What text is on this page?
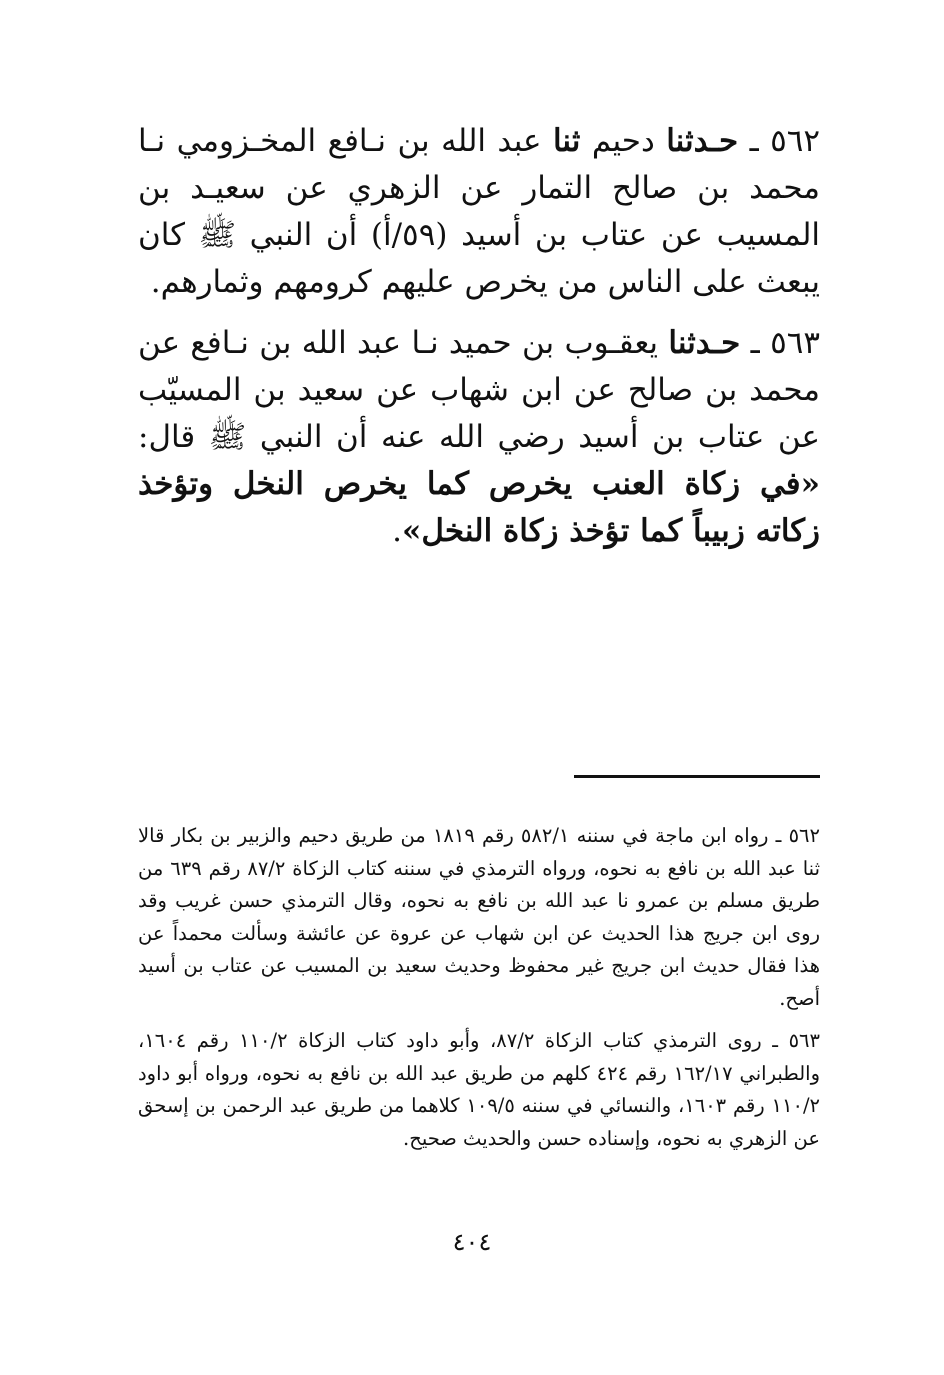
٥٦٢ ـ حـدثنا دحيم ثنا عبد الله بن نـافع المخـزومي نـا محمد بن صالح التمار عن الزهري عن سعيـد بن المسيب عن عتاب بن أسيد (٥٩/أ) أن النبي ﷺ كان يبعث على الناس من يخرص عليهم كرومهم وثمارهم.

٥٦٣ ـ حـدثنا يعقـوب بن حميد نـا عبد الله بن نـافع عن محمد بن صالح عن ابن شهاب عن سعيد بن المسيّب عن عتاب بن أسيد رضي الله عنه أن النبي ﷺ قال: «في زكاة العنب يخرص كما يخرص النخل وتؤخذ زكاته زبيباً كما تؤخذ زكاة النخل».

٥٦٢ ـ رواه ابن ماجة في سننه ٥٨٢/١ رقم ١٨١٩ من طريق دحيم والزبير بن بكار قالا ثنا عبد الله بن نافع به نحوه، ورواه الترمذي في سننه كتاب الزكاة ٨٧/٢ رقم ٦٣٩ من طريق مسلم بن عمرو نا عبد الله بن نافع به نحوه، وقال الترمذي حسن غريب وقد روى ابن جريج هذا الحديث عن ابن شهاب عن عروة عن عائشة وسألت محمداً عن هذا فقال حديث ابن جريج غير محفوظ وحديث سعيد بن المسيب عن عتاب بن أسيد أصح.

٥٦٣ ـ روى الترمذي كتاب الزكاة ٨٧/٢، وأبو داود كتاب الزكاة ١١٠/٢ رقم ١٦٠٤، والطبراني ١٦٢/١٧ رقم ٤٢٤ كلهم من طريق عبد الله بن نافع به نحوه، ورواه أبو داود ١١٠/٢ رقم ١٦٠٣، والنسائي في سننه ١٠٩/٥ كلاهما من طريق عبد الرحمن بن إسحق عن الزهري به نحوه، وإسناده حسن والحديث صحيح.

٤٠٤
